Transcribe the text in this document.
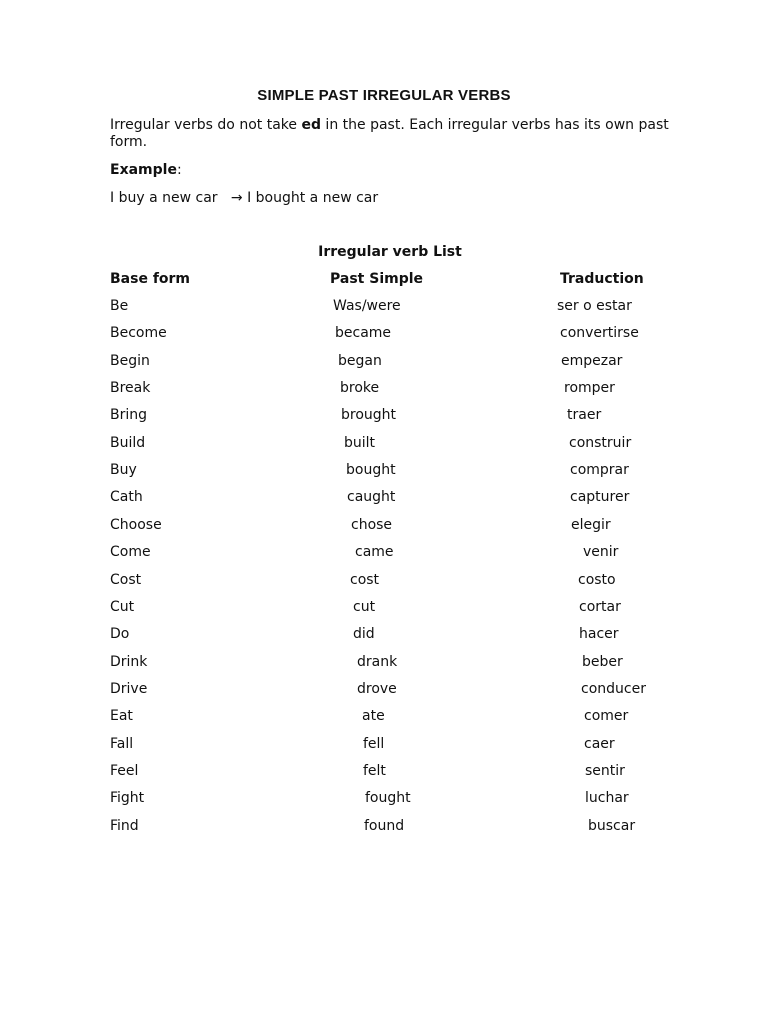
SIMPLE PAST IRREGULAR VERBS
Irregular verbs do not take ed in the past. Each irregular verbs has its own past form.
Example:
I buy a new car → I bought a new car
Irregular verb List
Base form	Past Simple	Traduction
Be	Was/were	ser o estar
Become	became	convertirse
Begin	began	empezar
Break	broke	romper
Bring	brought	traer
Build	built	construir
Buy	bought	comprar
Cath	caught	capturer
Choose	chose	elegir
Come	came	venir
Cost	cost	costo
Cut	cut	cortar
Do	did	hacer
Drink	drank	beber
Drive	drove	conducer
Eat	ate	comer
Fall	fell	caer
Feel	felt	sentir
Fight	fought	luchar
Find	found	buscar
